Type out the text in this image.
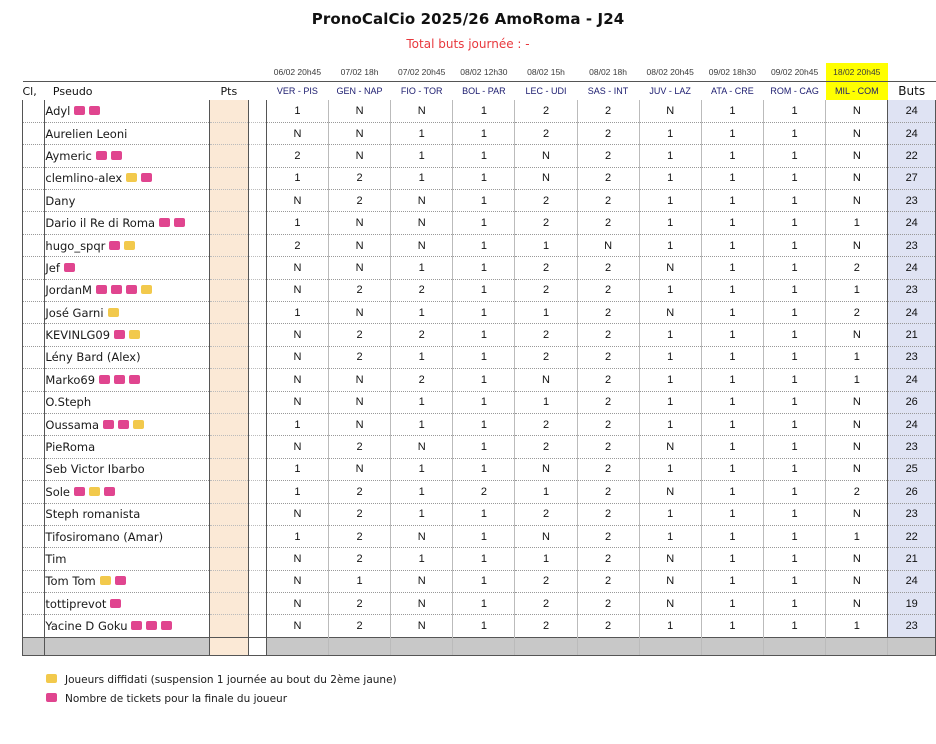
PronoCalCio 2025/26 AmoRoma - J24
Total buts journée : -
				06/02 20h45	07/02 18h	07/02 20h45	08/02 12h30	08/02 15h	08/02 18h	08/02 20h45	09/02 18h30	09/02 20h45	18/02 20h45	
Cl,	Pseudo	Pts		VER - PIS	GEN - NAP	FIO - TOR	BOL - PAR	LEC - UDI	SAS - INT	JUV - LAZ	ATA - CRE	ROM - CAG	MIL - COM	Buts
	Adyl			1	N	N	1	2	2	N	1	1	N	24
	Aurelien Leoni			N	N	1	1	2	2	1	1	1	N	24
	Aymeric			2	N	1	1	N	2	1	1	1	N	22
	clemlino-alex			1	2	1	1	N	2	1	1	1	N	27
	Dany			N	2	N	1	2	2	1	1	1	N	23
	Dario il Re di Roma			1	N	N	1	2	2	1	1	1	1	24
	hugo_spqr			2	N	N	1	1	N	1	1	1	N	23
	Jef			N	N	1	1	2	2	N	1	1	2	24
	JordanM			N	2	2	1	2	2	1	1	1	1	23
	José Garni			1	N	1	1	1	2	N	1	1	2	24
	KEVINLG09			N	2	2	1	2	2	1	1	1	N	21
	Lény Bard (Alex)			N	2	1	1	2	2	1	1	1	1	23
	Marko69			N	N	2	1	N	2	1	1	1	1	24
	O.Steph			N	N	1	1	1	2	1	1	1	N	26
	Oussama			1	N	1	1	2	2	1	1	1	N	24
	PieRoma			N	2	N	1	2	2	N	1	1	N	23
	Seb Victor Ibarbo			1	N	1	1	N	2	1	1	1	N	25
	Sole			1	2	1	2	1	2	N	1	1	2	26
	Steph romanista			N	2	1	1	2	2	1	1	1	N	23
	Tifosiromano (Amar)			1	2	N	1	N	2	1	1	1	1	22
	Tim			N	2	1	1	1	2	N	1	1	N	21
	Tom Tom			N	1	N	1	2	2	N	1	1	N	24
	tottiprevot			N	2	N	1	2	2	N	1	1	N	19
	Yacine D Goku			N	2	N	1	2	2	1	1	1	1	23

Joueurs diffidati (suspension 1 journée au bout du 2ème jaune)
Nombre de tickets pour la finale du joueur
